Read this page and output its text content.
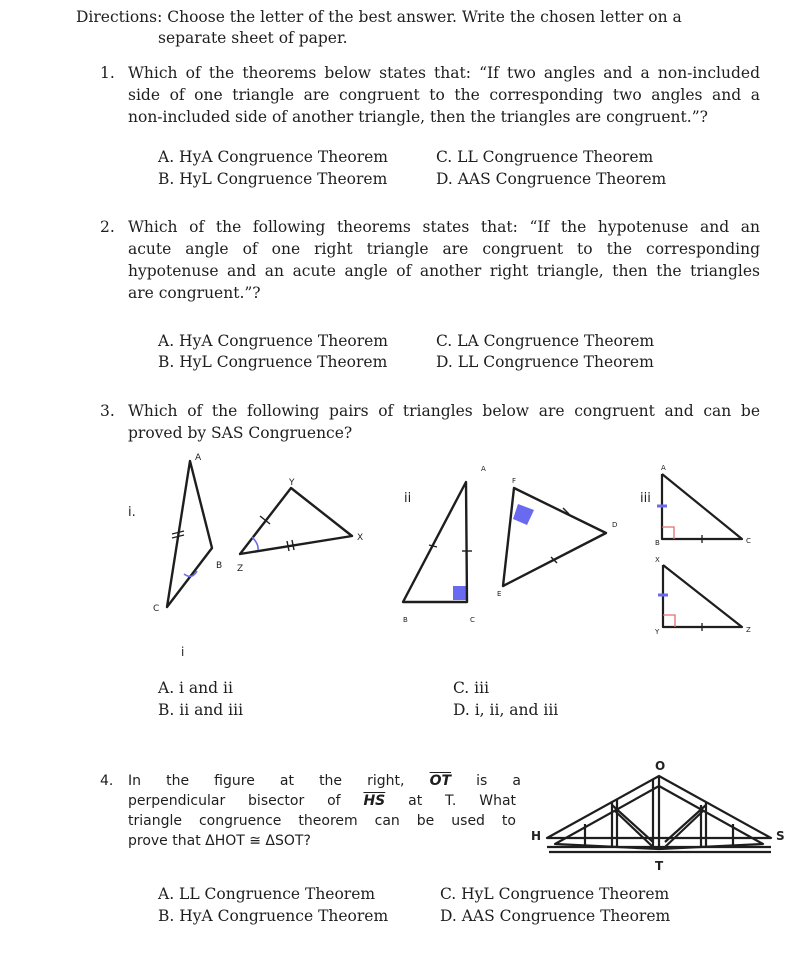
Directions: Choose the letter of the best answer. Write the chosen letter on a
separate sheet of paper.
1. Which of the theorems below states that: “If two angles and a non-included
side of one triangle are congruent to the corresponding two angles and a
non-included side of another triangle, then the triangles are congruent.”?
A. HyA Congruence Theorem
B. HyL Congruence Theorem
C. LL Congruence Theorem
D. AAS Congruence Theorem
2. Which of the following theorems states that: “If the hypotenuse and an
acute angle of one right triangle are congruent to the corresponding
hypotenuse and an acute angle of another right triangle, then the triangles
are congruent.”?
A. HyA Congruence Theorem
B. HyL Congruence Theorem
C. LA Congruence Theorem
D. LL Congruence Theorem
3. Which of the following pairs of triangles below are congruent and can be
proved by SAS Congruence?
i.
A
B
C
X
Y
Z
ii
A
B	C
D
E
F
iii
A
B	C
X
Y	Z
i
A. i and ii
B. ii and iii
C. iii
D. i, ii, and iii
4. In the figure at the right, $\overline{OT}$ is a
perpendicular bisector of $\overline{HS}$ at T. What
triangle congruence theorem can be used to
prove that ΔHOT ≅ ΔSOT?
O
H	S
T
A. LL Congruence Theorem
B. HyA Congruence Theorem
C. HyL Congruence Theorem
D. AAS Congruence Theorem
